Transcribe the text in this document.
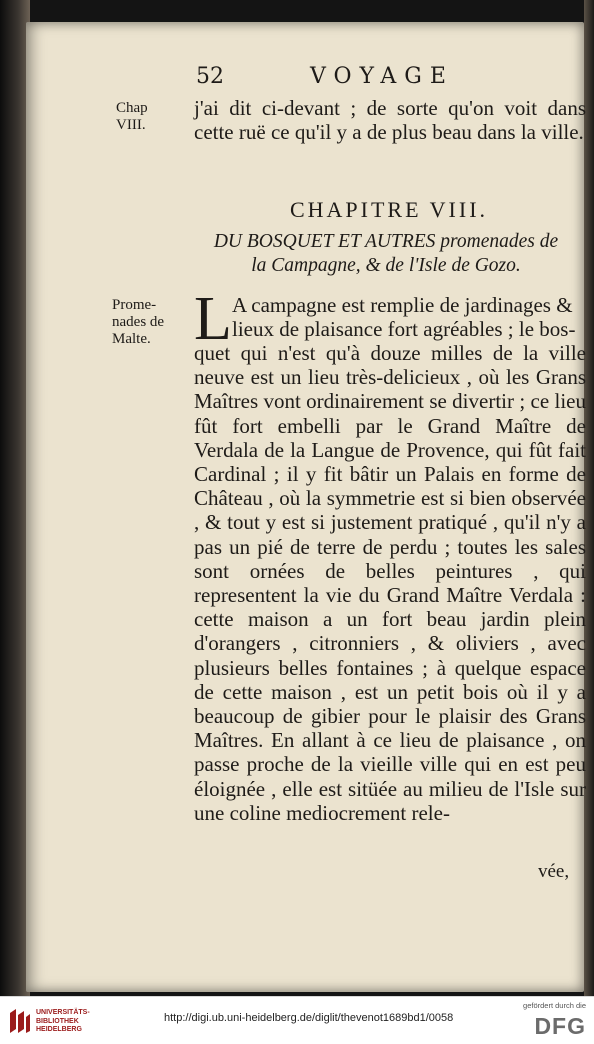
52	VOYAGE
Chap
VIII.
j'ai dit ci-devant ; de sorte qu'on voit dans cette ruë ce qu'il y a de plus beau dans la ville.
CHAPITRE VIII.
DU BOSQUET ET AUTRES promenades de
la Campagne, & de l'Isle de Gozo.
Prome-
nades de
Malte. L A campagne est remplie de jardinages &
lieux de plaisance fort agréables ; le bos-
quet qui n'est qu'à douze milles de la ville neuve est un lieu très-delicieux , où les Grans Maîtres vont ordinairement se divertir ; ce lieu fût fort embelli par le Grand Maître de Verdala de la Langue de Provence, qui fût fait Cardinal ; il y fit bâtir un Palais en forme de Château , où la symmetrie est si bien observée , & tout y est si justement pratiqué , qu'il n'y a pas un pié de terre de perdu ; toutes les sales sont ornées de belles peintures , qui representent la vie du Grand Maître Verdala : cette maison a un fort beau jardin plein d'orangers , citronniers , & oliviers , avec plusieurs belles fontaines ; à quelque espace de cette maison , est un petit bois où il y a beaucoup de gibier pour le plaisir des Grans Maîtres. En allant à ce lieu de plaisance , on passe proche de la vieille ville qui en est peu éloignée , elle est sitüée au milieu de l'Isle sur une coline mediocrement rele-
vée,
UNIVERSITÄTS-
BIBLIOTHEK
HEIDELBERG
http://digi.ub.uni-heidelberg.de/diglit/thevenot1689bd1/0058
gefördert durch die
DFG
